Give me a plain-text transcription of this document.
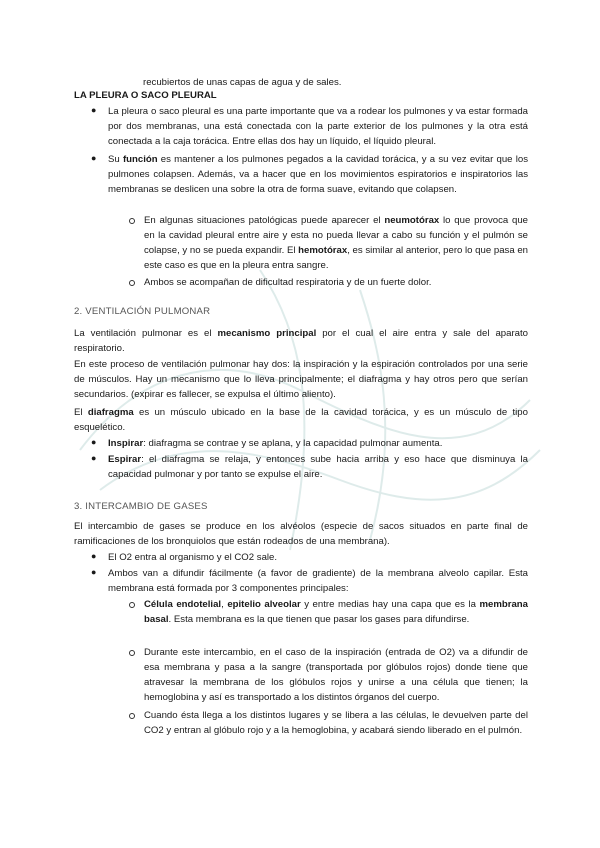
recubiertos de unas capas de agua y de sales.
LA PLEURA O SACO PLEURAL
● La pleura o saco pleural es una parte importante que va a rodear los pulmones y va estar formada por dos membranas, una está conectada con la parte exterior de los pulmones y la otra está conectada a la caja torácica. Entre ellas dos hay un líquido, el líquido pleural.

● Su función es mantener a los pulmones pegados a la cavidad torácica, y a su vez evitar que los pulmones colapsen. Además, va a hacer que en los movimientos espiratorios e inspiratorios las membranas se deslicen una sobre la otra de forma suave, evitando que colapsen.

En algunas situaciones patológicas puede aparecer el neumotórax lo que provoca que en la cavidad pleural entre aire y esta no pueda llevar a cabo su función y el pulmón se colapse, y no se pueda expandir. El hemotórax, es similar al anterior, pero lo que pasa en este caso es que en la pleura entra sangre.

Ambos se acompañan de dificultad respiratoria y de un fuerte dolor.

2. VENTILACIÓN PULMONAR

La ventilación pulmonar es el mecanismo principal por el cual el aire entra y sale del aparato respiratorio.

En este proceso de ventilación pulmonar hay dos: la inspiración y la espiración controlados por una serie de músculos. Hay un mecanismo que lo lleva principalmente; el diafragma y hay otros pero que serían secundarios. (expirar es fallecer, se expulsa el último aliento).

El diafragma es un músculo ubicado en la base de la cavidad torácica, y es un músculo de tipo esquelético.

● Inspirar: diafragma se contrae y se aplana, y la capacidad pulmonar aumenta.

● Espirar: el diafragma se relaja, y entonces sube hacia arriba y eso hace que disminuya la capacidad pulmonar y por tanto se expulse el aire.

3. INTERCAMBIO DE GASES

El intercambio de gases se produce en los alvéolos (especie de sacos situados en parte final de ramificaciones de los bronquiolos que están rodeados de una membrana).

● El O2 entra al organismo y el CO2 sale.

● Ambos van a difundir fácilmente (a favor de gradiente) de la membrana alveolo capilar. Esta membrana está formada por 3 componentes principales:

Célula endotelial, epitelio alveolar y entre medias hay una capa que es la membrana basal. Esta membrana es la que tienen que pasar los gases para difundirse.

Durante este intercambio, en el caso de la inspiración (entrada de O2) va a difundir de esa membrana y pasa a la sangre (transportada por glóbulos rojos) donde tiene que atravesar la membrana de los glóbulos rojos y unirse a una célula que tienen; la hemoglobina y así es transportado a los distintos órganos del cuerpo.

Cuando ésta llega a los distintos lugares y se libera a las células, le devuelven parte del CO2 y entran al glóbulo rojo y a la hemoglobina, y acabará siendo liberado en el pulmón.
